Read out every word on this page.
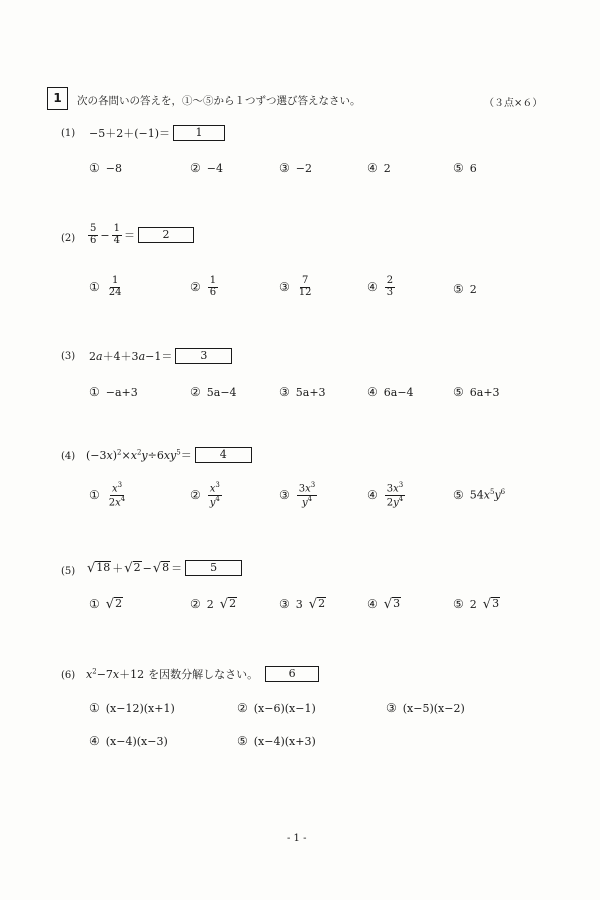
1	次の各問いの答えを，①〜⑤から１つずつ選び答えなさい。	（３点×６）
(1) −5＋2＋(−1)＝	1
① −8	② −4	③ −2	④ 2	⑤ 6
$(2) \frac{5}{6} - \frac{1}{4}$ ＝	2
① $\frac{1}{24}$	② $\frac{1}{6}$	③ $\frac{7}{12}$	④ $\frac{2}{3}$	⑤ 2
(3) 2a＋4＋3a−1＝	3
① −a+3	② 5a−4	③ 5a+3	④ 6a−4	⑤ 6a+3
(4) $(-3x)^2\times x^2y\div 6xy^5=$	4
① $\frac{x^3}{2x^4}$	② $\frac{x^3}{y^4}$	③ $\frac{3x^3}{y^4}$	④ $\frac{3x^3}{2y^4}$	⑤ $54x^5y^6$
(5) √ 18 ＋ √ 2 − √ 8 ＝	5
① √ 2	② 2 √ 2	③ 3 √ 2	④ √ 3	⑤ 2 √ 3
(6) $x^2-7x+12$ を因数分解しなさい。	6
① (x−12)(x+1)	② (x−6)(x−1)	③ (x−5)(x−2)
④ (x−4)(x−3)	⑤ (x−4)(x+3)
- 1 -
